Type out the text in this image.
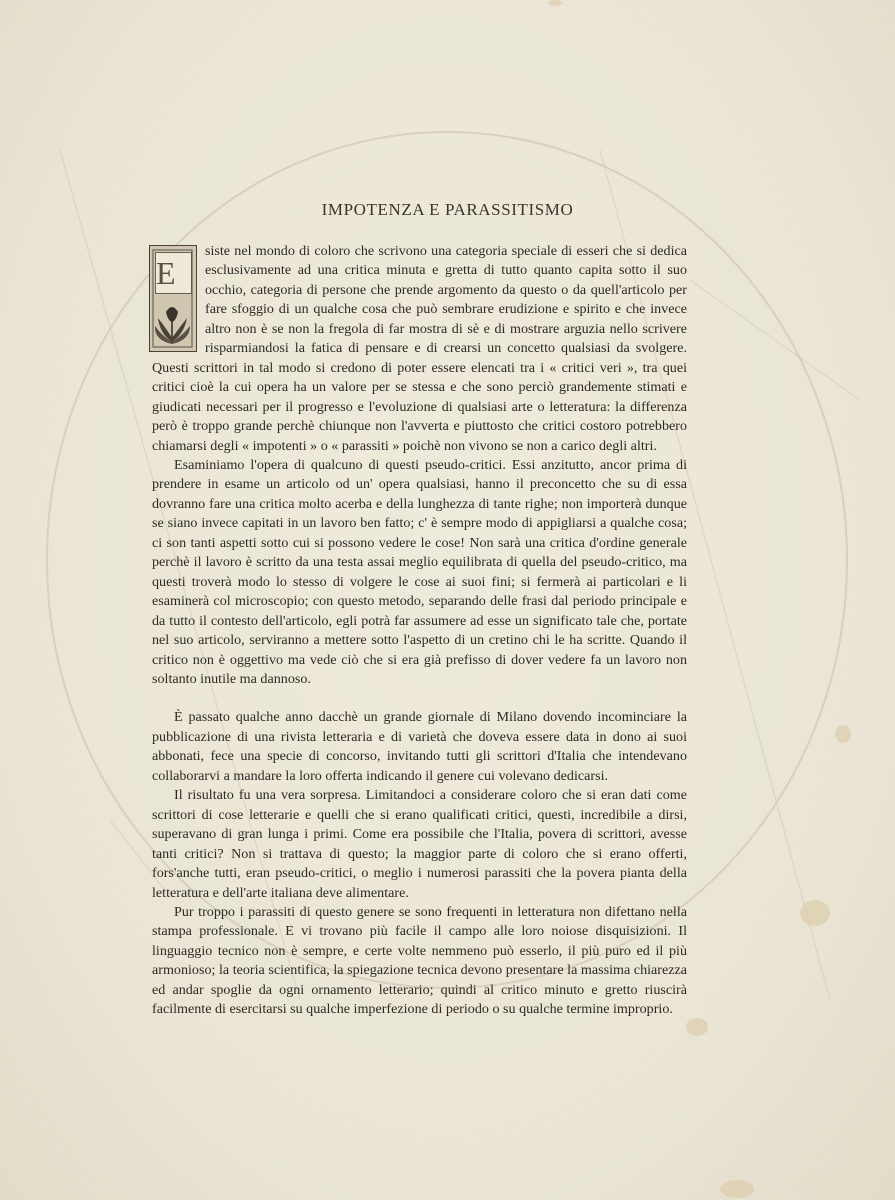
IMPOTENZA E PARASSITISMO

E
siste nel mondo di coloro che scrivono una categoria speciale di esseri che si dedica esclusivamente ad una critica minuta e gretta di tutto quanto capita sotto il suo occhio, categoria di persone che prende argomento da questo o da quell'articolo per fare sfoggio di un qualche cosa che può sembrare erudizione e spirito e che invece altro non è se non la fregola di far mostra di sè e di mostrare arguzia nello scrivere risparmiandosi la fatica di pensare e di crearsi un concetto qualsiasi da svolgere. Questi scrittori in tal modo si credono di poter essere elencati tra i « critici veri », tra quei critici cioè la cui opera ha un valore per se stessa e che sono perciò grandemente stimati e giudicati necessari per il progresso e l'evoluzione di qualsiasi arte o letteratura: la differenza però è troppo grande perchè chiunque non l'avverta e piuttosto che critici costoro potrebbero chiamarsi degli « impotenti » o « parassiti » poichè non vivono se non a carico degli altri.

Esaminiamo l'opera di qualcuno di questi pseudo-critici. Essi anzitutto, ancor prima di prendere in esame un articolo od un' opera qualsiasi, hanno il preconcetto che su di essa dovranno fare una critica molto acerba e della lunghezza di tante righe; non importerà dunque se siano invece capitati in un lavoro ben fatto; c' è sempre modo di appigliarsi a qualche cosa; ci son tanti aspetti sotto cui si possono vedere le cose! Non sarà una critica d'ordine generale perchè il lavoro è scritto da una testa assai meglio equilibrata di quella del pseudo-critico, ma questi troverà modo lo stesso di volgere le cose ai suoi fini; si fermerà ai particolari e li esaminerà col microscopio; con questo metodo, separando delle frasi dal periodo principale e da tutto il contesto dell'articolo, egli potrà far assumere ad esse un significato tale che, portate nel suo articolo, serviranno a mettere sotto l'aspetto di un cretino chi le ha scritte. Quando il critico non è oggettivo ma vede ciò che si era già prefisso di dover vedere fa un lavoro non soltanto inutile ma dannoso.

È passato qualche anno dacchè un grande giornale di Milano dovendo incominciare la pubblicazione di una rivista letteraria e di varietà che doveva essere data in dono ai suoi abbonati, fece una specie di concorso, invitando tutti gli scrittori d'Italia che intendevano collaborarvi a mandare la loro offerta indicando il genere cui volevano dedicarsi.

Il risultato fu una vera sorpresa. Limitandoci a considerare coloro che si eran dati come scrittori di cose letterarie e quelli che si erano qualificati critici, questi, incredibile a dirsi, superavano di gran lunga i primi. Come era possibile che l'Italia, povera di scrittori, avesse tanti critici? Non si trattava di questo; la maggior parte di coloro che si erano offerti, fors'anche tutti, eran pseudo-critici, o meglio i numerosi parassiti che la povera pianta della letteratura e dell'arte italiana deve alimentare.

Pur troppo i parassiti di questo genere se sono frequenti in letteratura non difettano nella stampa professionale. E vi trovano più facile il campo alle loro noiose disquisizioni. Il linguaggio tecnico non è sempre, e certe volte nemmeno può esserlo, il più puro ed il più armonioso; la teoria scientifica, la spiegazione tecnica devono presentare la massima chiarezza ed andar spoglie da ogni ornamento letterario; quindi al critico minuto e gretto riuscirà facilmente di esercitarsi su qualche imperfezione di periodo o su qualche termine improprio.
